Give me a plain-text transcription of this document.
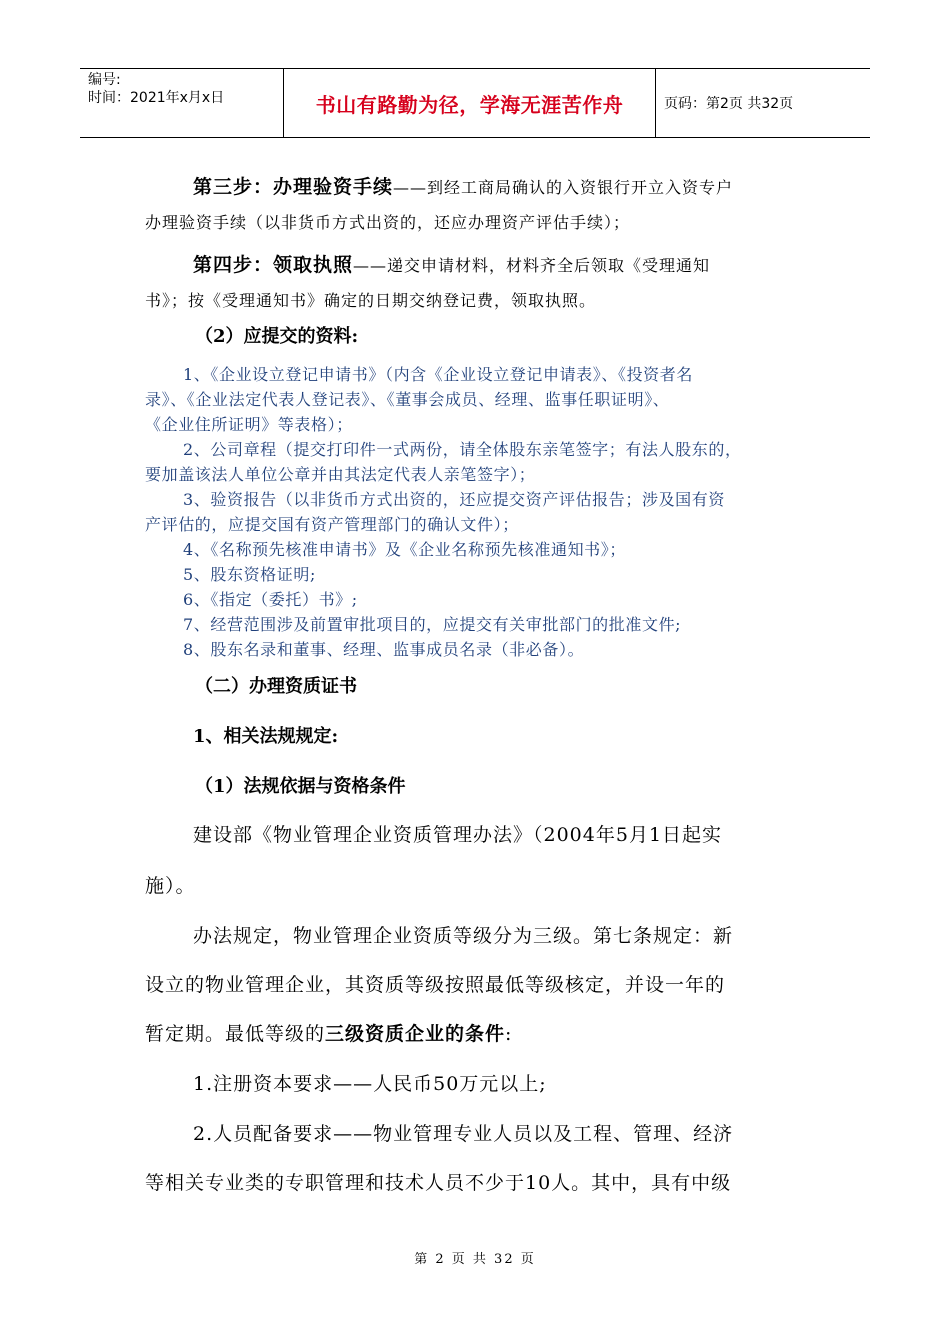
编号:
时间：2021年x月x日	书山有路勤为径，学海无涯苦作舟	页码：第2页 共32页
第三步：办理验资手续——到经工商局确认的入资银行开立入资专户
办理验资手续（以非货币方式出资的，还应办理资产评估手续）；
第四步：领取执照——递交申请材料，材料齐全后领取《受理通知
书》；按《受理通知书》确定的日期交纳登记费，领取执照。
（2）应提交的资料:
1、《企业设立登记申请书》（内含《企业设立登记申请表》、《投资者名
录》、《企业法定代表人登记表》、《董事会成员、经理、监事任职证明》、
《企业住所证明》等表格）；
2、公司章程（提交打印件一式两份，请全体股东亲笔签字；有法人股东的，
要加盖该法人单位公章并由其法定代表人亲笔签字）；
3、验资报告（以非货币方式出资的，还应提交资产评估报告；涉及国有资
产评估的，应提交国有资产管理部门的确认文件）；
4、《名称预先核准申请书》及《企业名称预先核准通知书》；
5、股东资格证明;
6、《指定（委托）书》;
7、经营范围涉及前置审批项目的，应提交有关审批部门的批准文件;
8、股东名录和董事、经理、监事成员名录（非必备）。
（二）办理资质证书
1、相关法规规定:
（1）法规依据与资格条件
建设部《物业管理企业资质管理办法》（2004年5月1日起实
施）。
办法规定，物业管理企业资质等级分为三级。第七条规定：新
设立的物业管理企业，其资质等级按照最低等级核定，并设一年的
暂定期。最低等级的三级资质企业的条件:
1.注册资本要求——人民币50万元以上;
2.人员配备要求——物业管理专业人员以及工程、管理、经济
等相关专业类的专职管理和技术人员不少于10人。其中，具有中级
第 2 页 共 32 页
